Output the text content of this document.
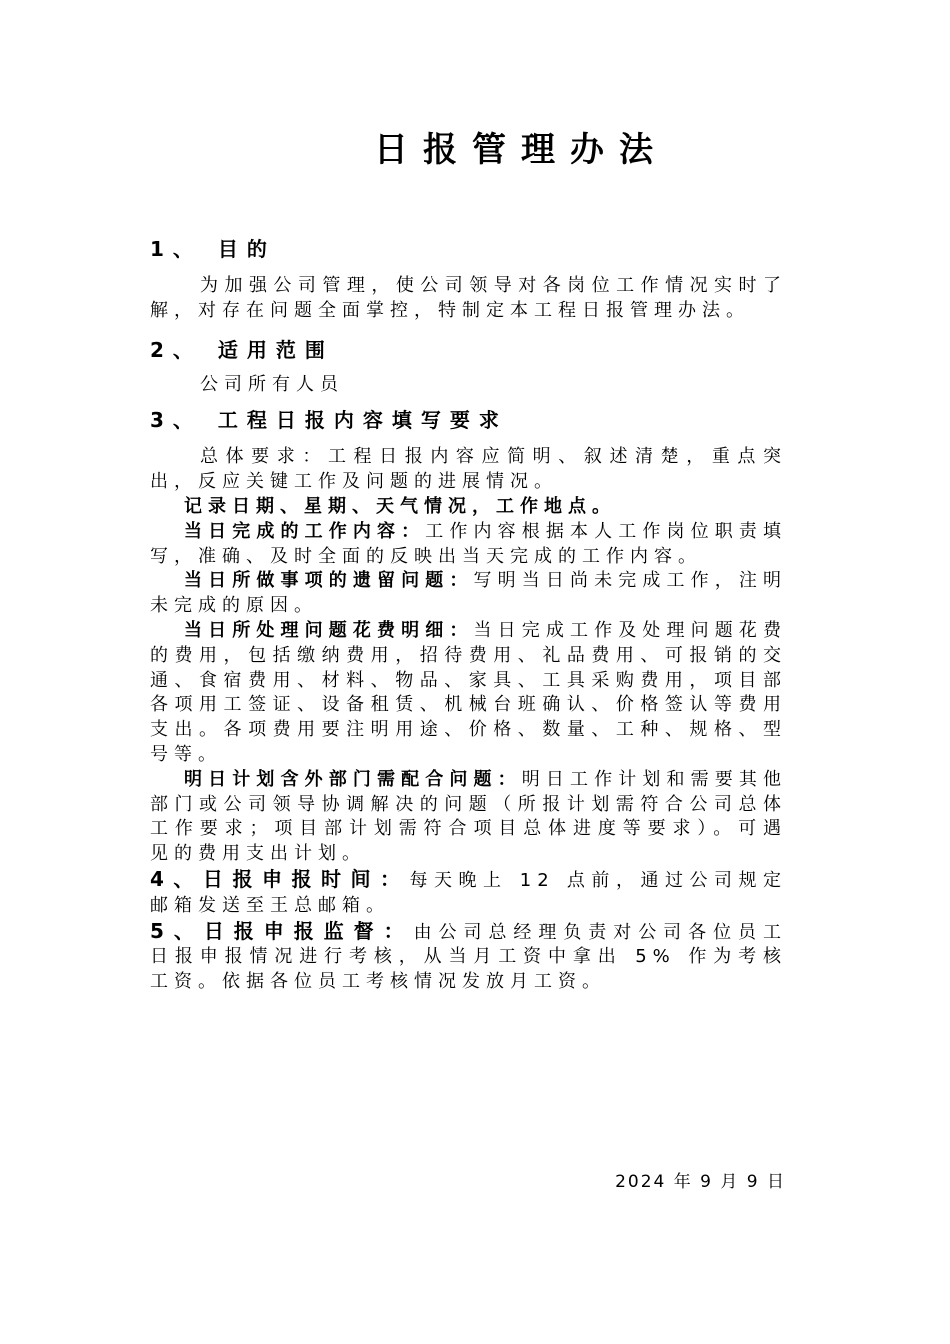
日报管理办法

1、 目的

为加强公司管理，使公司领导对各岗位工作情况实时了解，对存在问题全面掌控，特制定本工程日报管理办法。

2、 适用范围

公司所有人员

3、 工程日报内容填写要求

总体要求：工程日报内容应简明、叙述清楚，重点突出，反应关键工作及问题的进展情况。

记录日期、星期、天气情况，工作地点。

当日完成的工作内容：工作内容根据本人工作岗位职责填写，准确、及时全面的反映出当天完成的工作内容。

当日所做事项的遗留问题：写明当日尚未完成工作，注明未完成的原因。

当日所处理问题花费明细：当日完成工作及处理问题花费的费用，包括缴纳费用，招待费用、礼品费用、可报销的交通、食宿费用、材料、物品、家具、工具采购费用，项目部各项用工签证、设备租赁、机械台班确认、价格签认等费用支出。各项费用要注明用途、价格、数量、工种、规格、型号等。

明日计划含外部门需配合问题：明日工作计划和需要其他部门或公司领导协调解决的问题（所报计划需符合公司总体工作要求；项目部计划需符合项目总体进度等要求）。可遇见的费用支出计划。

4、日报申报时间：每天晚上 12 点前，通过公司规定邮箱发送至王总邮箱。

5、日报申报监督：由公司总经理负责对公司各位员工日报申报情况进行考核，从当月工资中拿出 5% 作为考核工资。依据各位员工考核情况发放月工资。

2024 年 9 月 9 日
